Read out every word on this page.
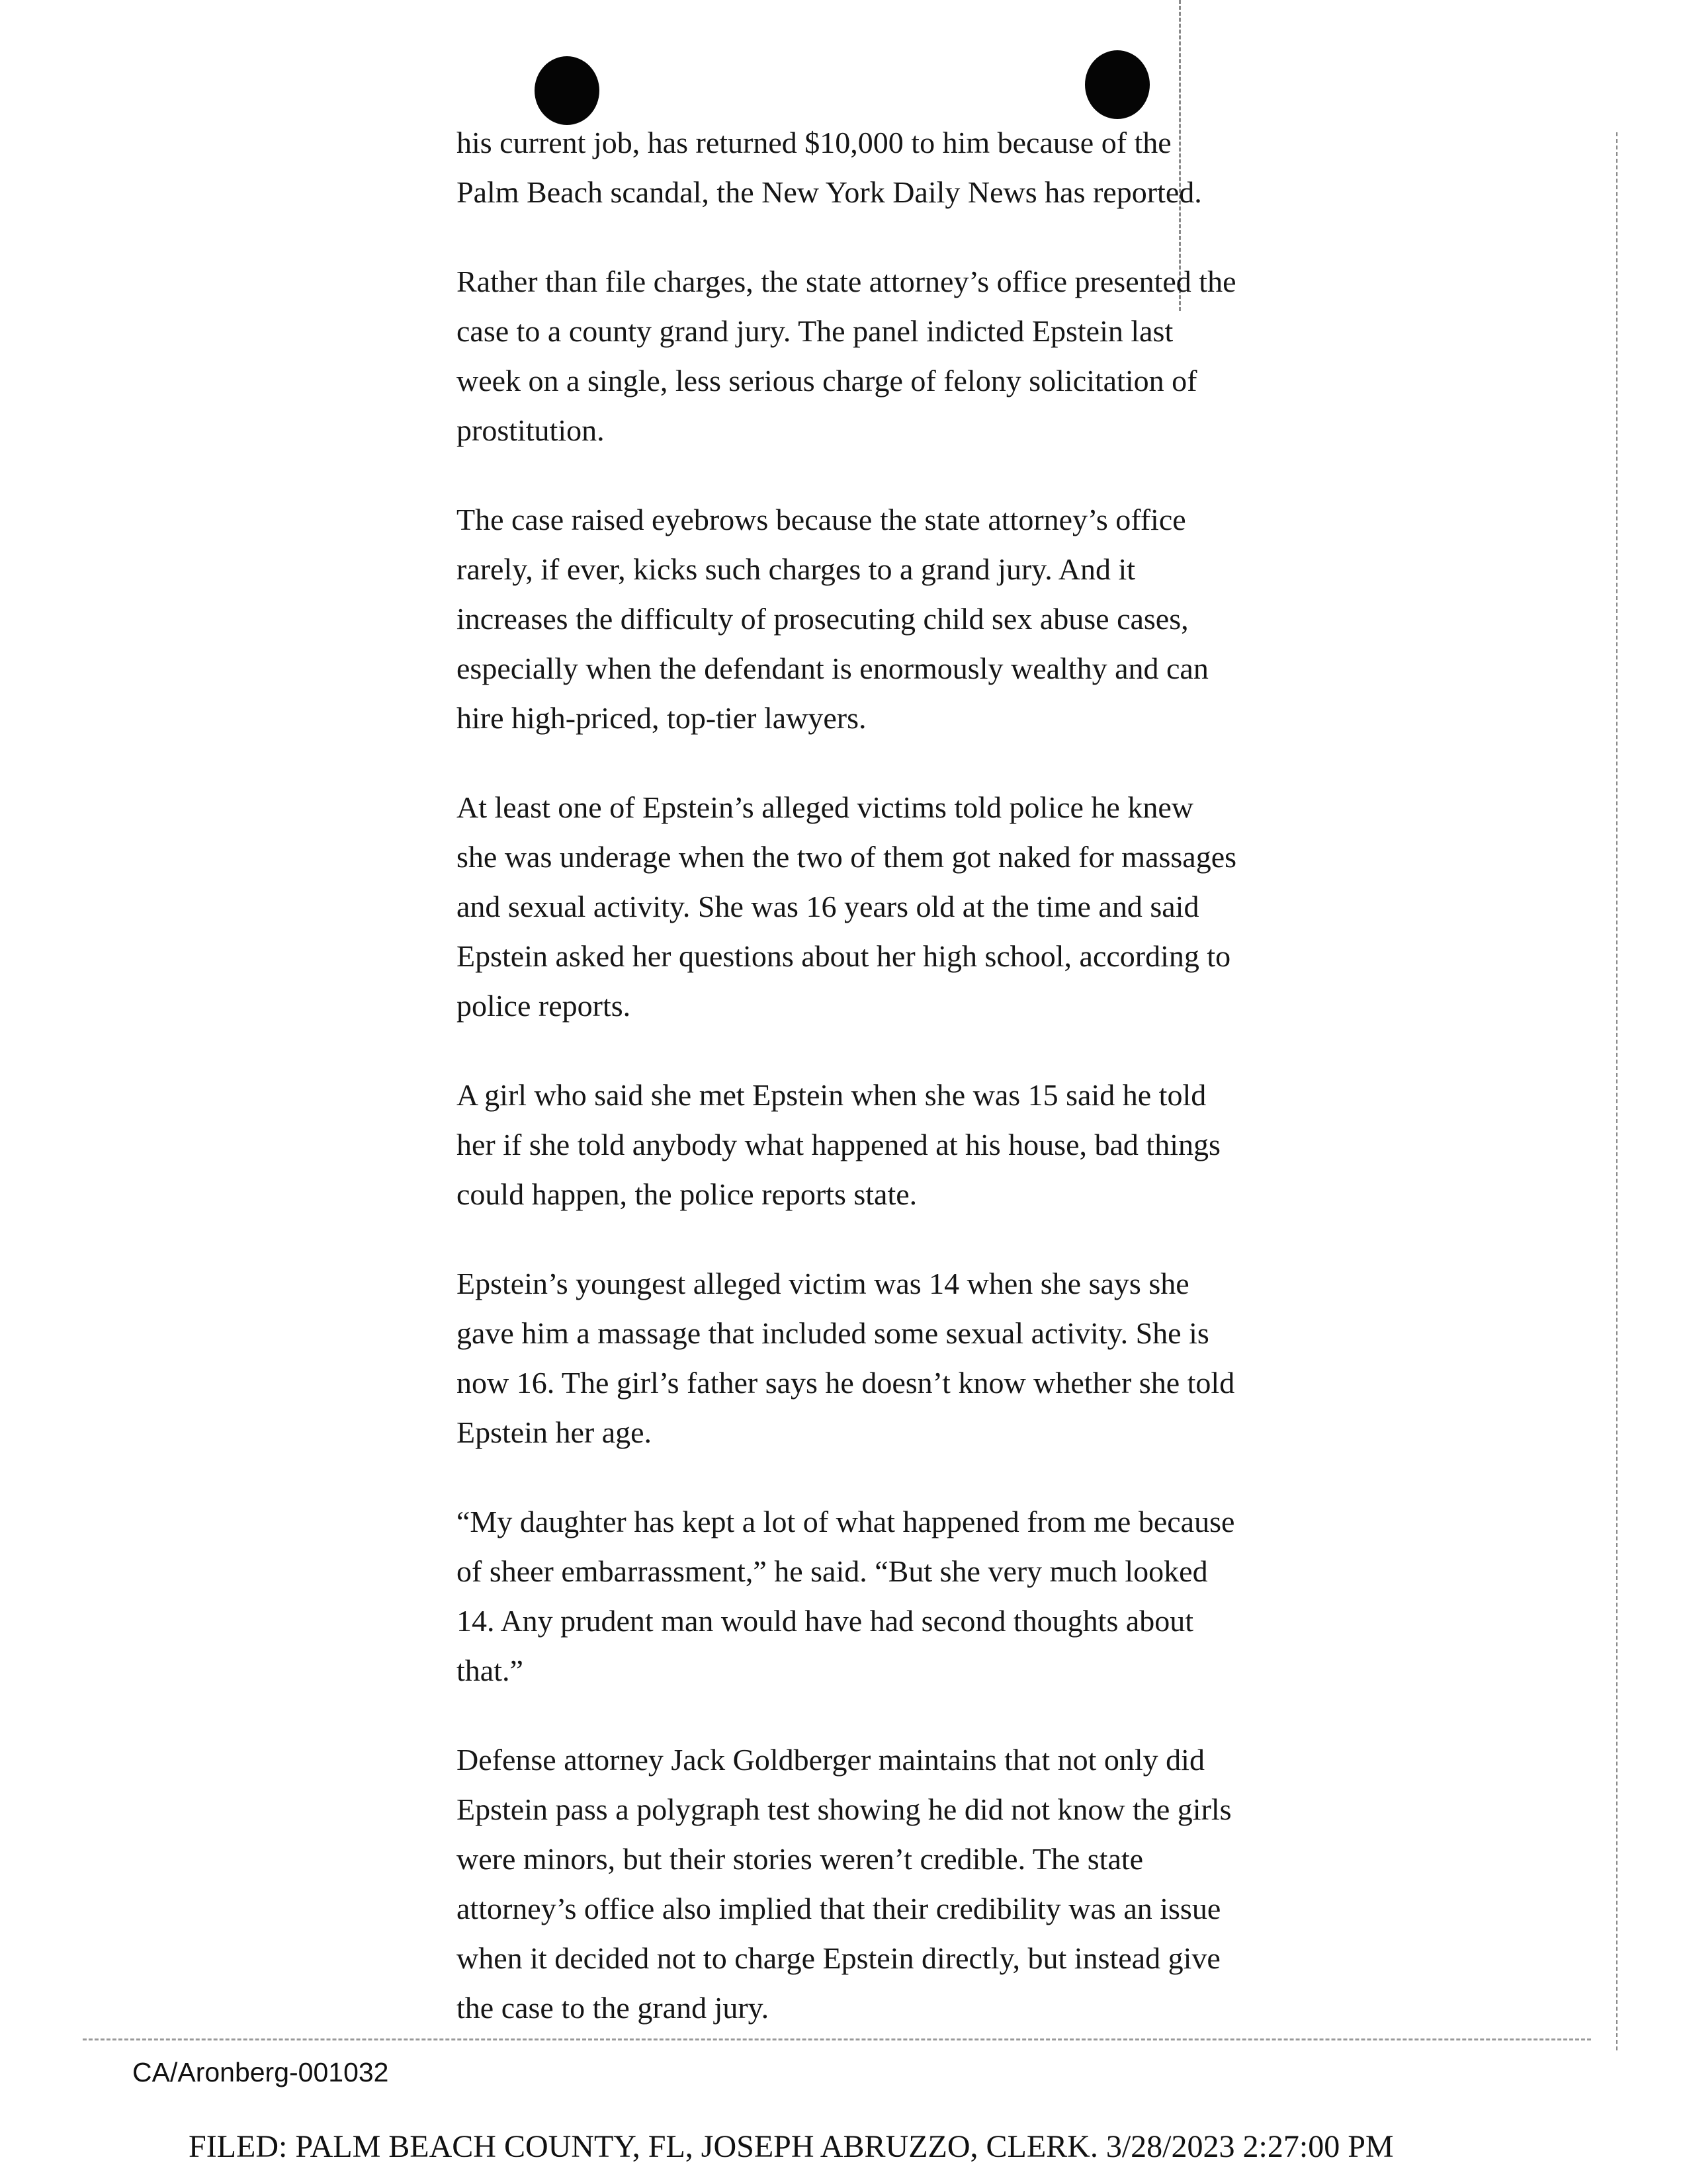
his current job, has returned $10,000 to him because of the Palm Beach scandal, the New York Daily News has reported.

Rather than file charges, the state attorney’s office presented the case to a county grand jury. The panel indicted Epstein last week on a single, less serious charge of felony solicitation of prostitution.

The case raised eyebrows because the state attorney’s office rarely, if ever, kicks such charges to a grand jury. And it increases the difficulty of prosecuting child sex abuse cases, especially when the defendant is enormously wealthy and can hire high-priced, top-tier lawyers.

At least one of Epstein’s alleged victims told police he knew she was underage when the two of them got naked for massages and sexual activity. She was 16 years old at the time and said Epstein asked her questions about her high school, according to police reports.

A girl who said she met Epstein when she was 15 said he told her if she told anybody what happened at his house, bad things could happen, the police reports state.

Epstein’s youngest alleged victim was 14 when she says she gave him a massage that included some sexual activity. She is now 16. The girl’s father says he doesn’t know whether she told Epstein her age.

“My daughter has kept a lot of what happened from me because of sheer embarrassment,” he said. “But she very much looked 14. Any prudent man would have had second thoughts about that.”

Defense attorney Jack Goldberger maintains that not only did Epstein pass a polygraph test showing he did not know the girls were minors, but their stories weren’t credible. The state attorney’s office also implied that their credibility was an issue when it decided not to charge Epstein directly, but instead give the case to the grand jury.

CA/Aronberg-001032
FILED: PALM BEACH COUNTY, FL, JOSEPH ABRUZZO, CLERK. 3/28/2023 2:27:00 PM
